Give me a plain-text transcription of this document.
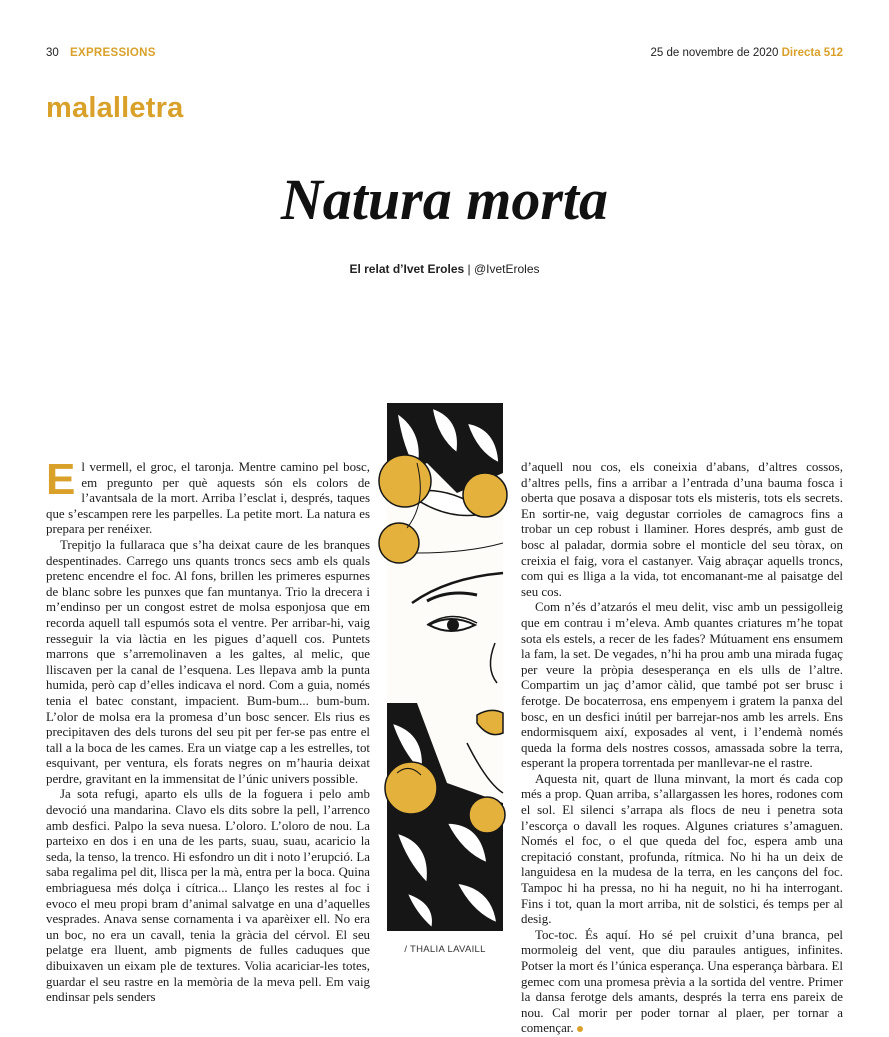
30 EXPRESSIONS	25 de novembre de 2020 Directa 512
malalletra
Natura morta
El relat d’Ivet Eroles | @IvetEroles

El vermell, el groc, el taronja. Mentre camino pel bosc, em pregunto per què aquests són els colors de l’avantsala de la mort. Arriba l’esclat i, després, taques que s’escampen rere les parpelles. La petite mort. La natura es prepara per renéixer.

Trepitjo la fullaraca que s’ha deixat caure de les branques despentinades. Carrego uns quants troncs secs amb els quals pretenc encendre el foc. Al fons, brillen les primeres espurnes de blanc sobre les punxes que fan muntanya. Trio la drecera i m’endinso per un congost estret de molsa esponjosa que em recorda aquell tall espumós sota el ventre. Per arribar-hi, vaig resseguir la via làctia en les pigues d’aquell cos. Puntets marrons que s’arremolinaven a les galtes, al melic, que lliscaven per la canal de l’esquena. Les llepava amb la punta humida, però cap d’elles indicava el nord. Com a guia, només tenia el batec constant, impacient. Bum-bum... bum-bum. L’olor de molsa era la promesa d’un bosc sencer. Els rius es precipitaven des dels turons del seu pit per fer-se pas entre el tall a la boca de les cames. Era un viatge cap a les estrelles, tot esquivant, per ventura, els forats negres on m’hauria deixat perdre, gravitant en la immensitat de l’únic univers possible.

Ja sota refugi, aparto els ulls de la foguera i pelo amb devoció una mandarina. Clavo els dits sobre la pell, l’arrenco amb desfici. Palpo la seva nuesa. L’oloro. L’oloro de nou. La parteixo en dos i en una de les parts, suau, suau, acaricio la seda, la tenso, la trenco. Hi esfondro un dit i noto l’erupció. La saba regalima pel dit, llisca per la mà, entra per la boca. Quina embriaguesa més dolça i cítrica... Llanço les restes al foc i evoco el meu propi bram d’animal salvatge en una d’aquelles vesprades. Anava sense cornamenta i va aparèixer ell. No era un boc, no era un cavall, tenia la gràcia del cérvol. El seu pelatge era lluent, amb pigments de fulles caduques que dibuixaven un eixam ple de textures. Volia acariciar-les totes, guardar el seu rastre en la memòria de la meva pell. Em vaig endinsar pels senders

/ THALIA LAVAILL

d’aquell nou cos, els coneixia d’abans, d’altres cossos, d’altres pells, fins a arribar a l’entrada d’una bauma fosca i oberta que posava a disposar tots els misteris, tots els secrets. En sortir-ne, vaig degustar corrioles de camagrocs fins a trobar un cep robust i llaminer. Hores després, amb gust de bosc al paladar, dormia sobre el monticle del seu tòrax, on creixia el faig, vora el castanyer. Vaig abraçar aquells troncs, com qui es lliga a la vida, tot encomanant-me al paisatge del seu cos.

Com n’és d’atzarós el meu delit, visc amb un pessigolleig que em contrau i m’eleva. Amb quantes criatures m’he topat sota els estels, a recer de les fades? Mútuament ens ensumem la fam, la set. De vegades, n’hi ha prou amb una mirada fugaç per veure la pròpia desesperança en els ulls de l’altre. Compartim un jaç d’amor càlid, que també pot ser brusc i ferotge. De bocaterrosa, ens empenyem i gratem la panxa del bosc, en un desfici inútil per barrejar-nos amb les arrels. Ens endormisquem així, exposades al vent, i l’endemà només queda la forma dels nostres cossos, amassada sobre la terra, esperant la propera torrentada per manllevar-ne el rastre.

Aquesta nit, quart de lluna minvant, la mort és cada cop més a prop. Quan arriba, s’allargassen les hores, rodones com el sol. El silenci s’arrapa als flocs de neu i penetra sota l’escorça o davall les roques. Algunes criatures s’amaguen. Només el foc, o el que queda del foc, espera amb una crepitació constant, profunda, rítmica. No hi ha un deix de languidesa en la mudesa de la terra, en les cançons del foc. Tampoc hi ha pressa, no hi ha neguit, no hi ha interrogant. Fins i tot, quan la mort arriba, nit de solstici, és temps per al desig.

Toc-toc. És aquí. Ho sé pel cruixit d’una branca, pel mormoleig del vent, que diu paraules antigues, infinites. Potser la mort és l’única esperança. Una esperança bàrbara. El gemec com una promesa prèvia a la sortida del ventre. Primer la dansa ferotge dels amants, després la terra ens pareix de nou. Cal morir per poder tornar al plaer, per tornar a començar.
